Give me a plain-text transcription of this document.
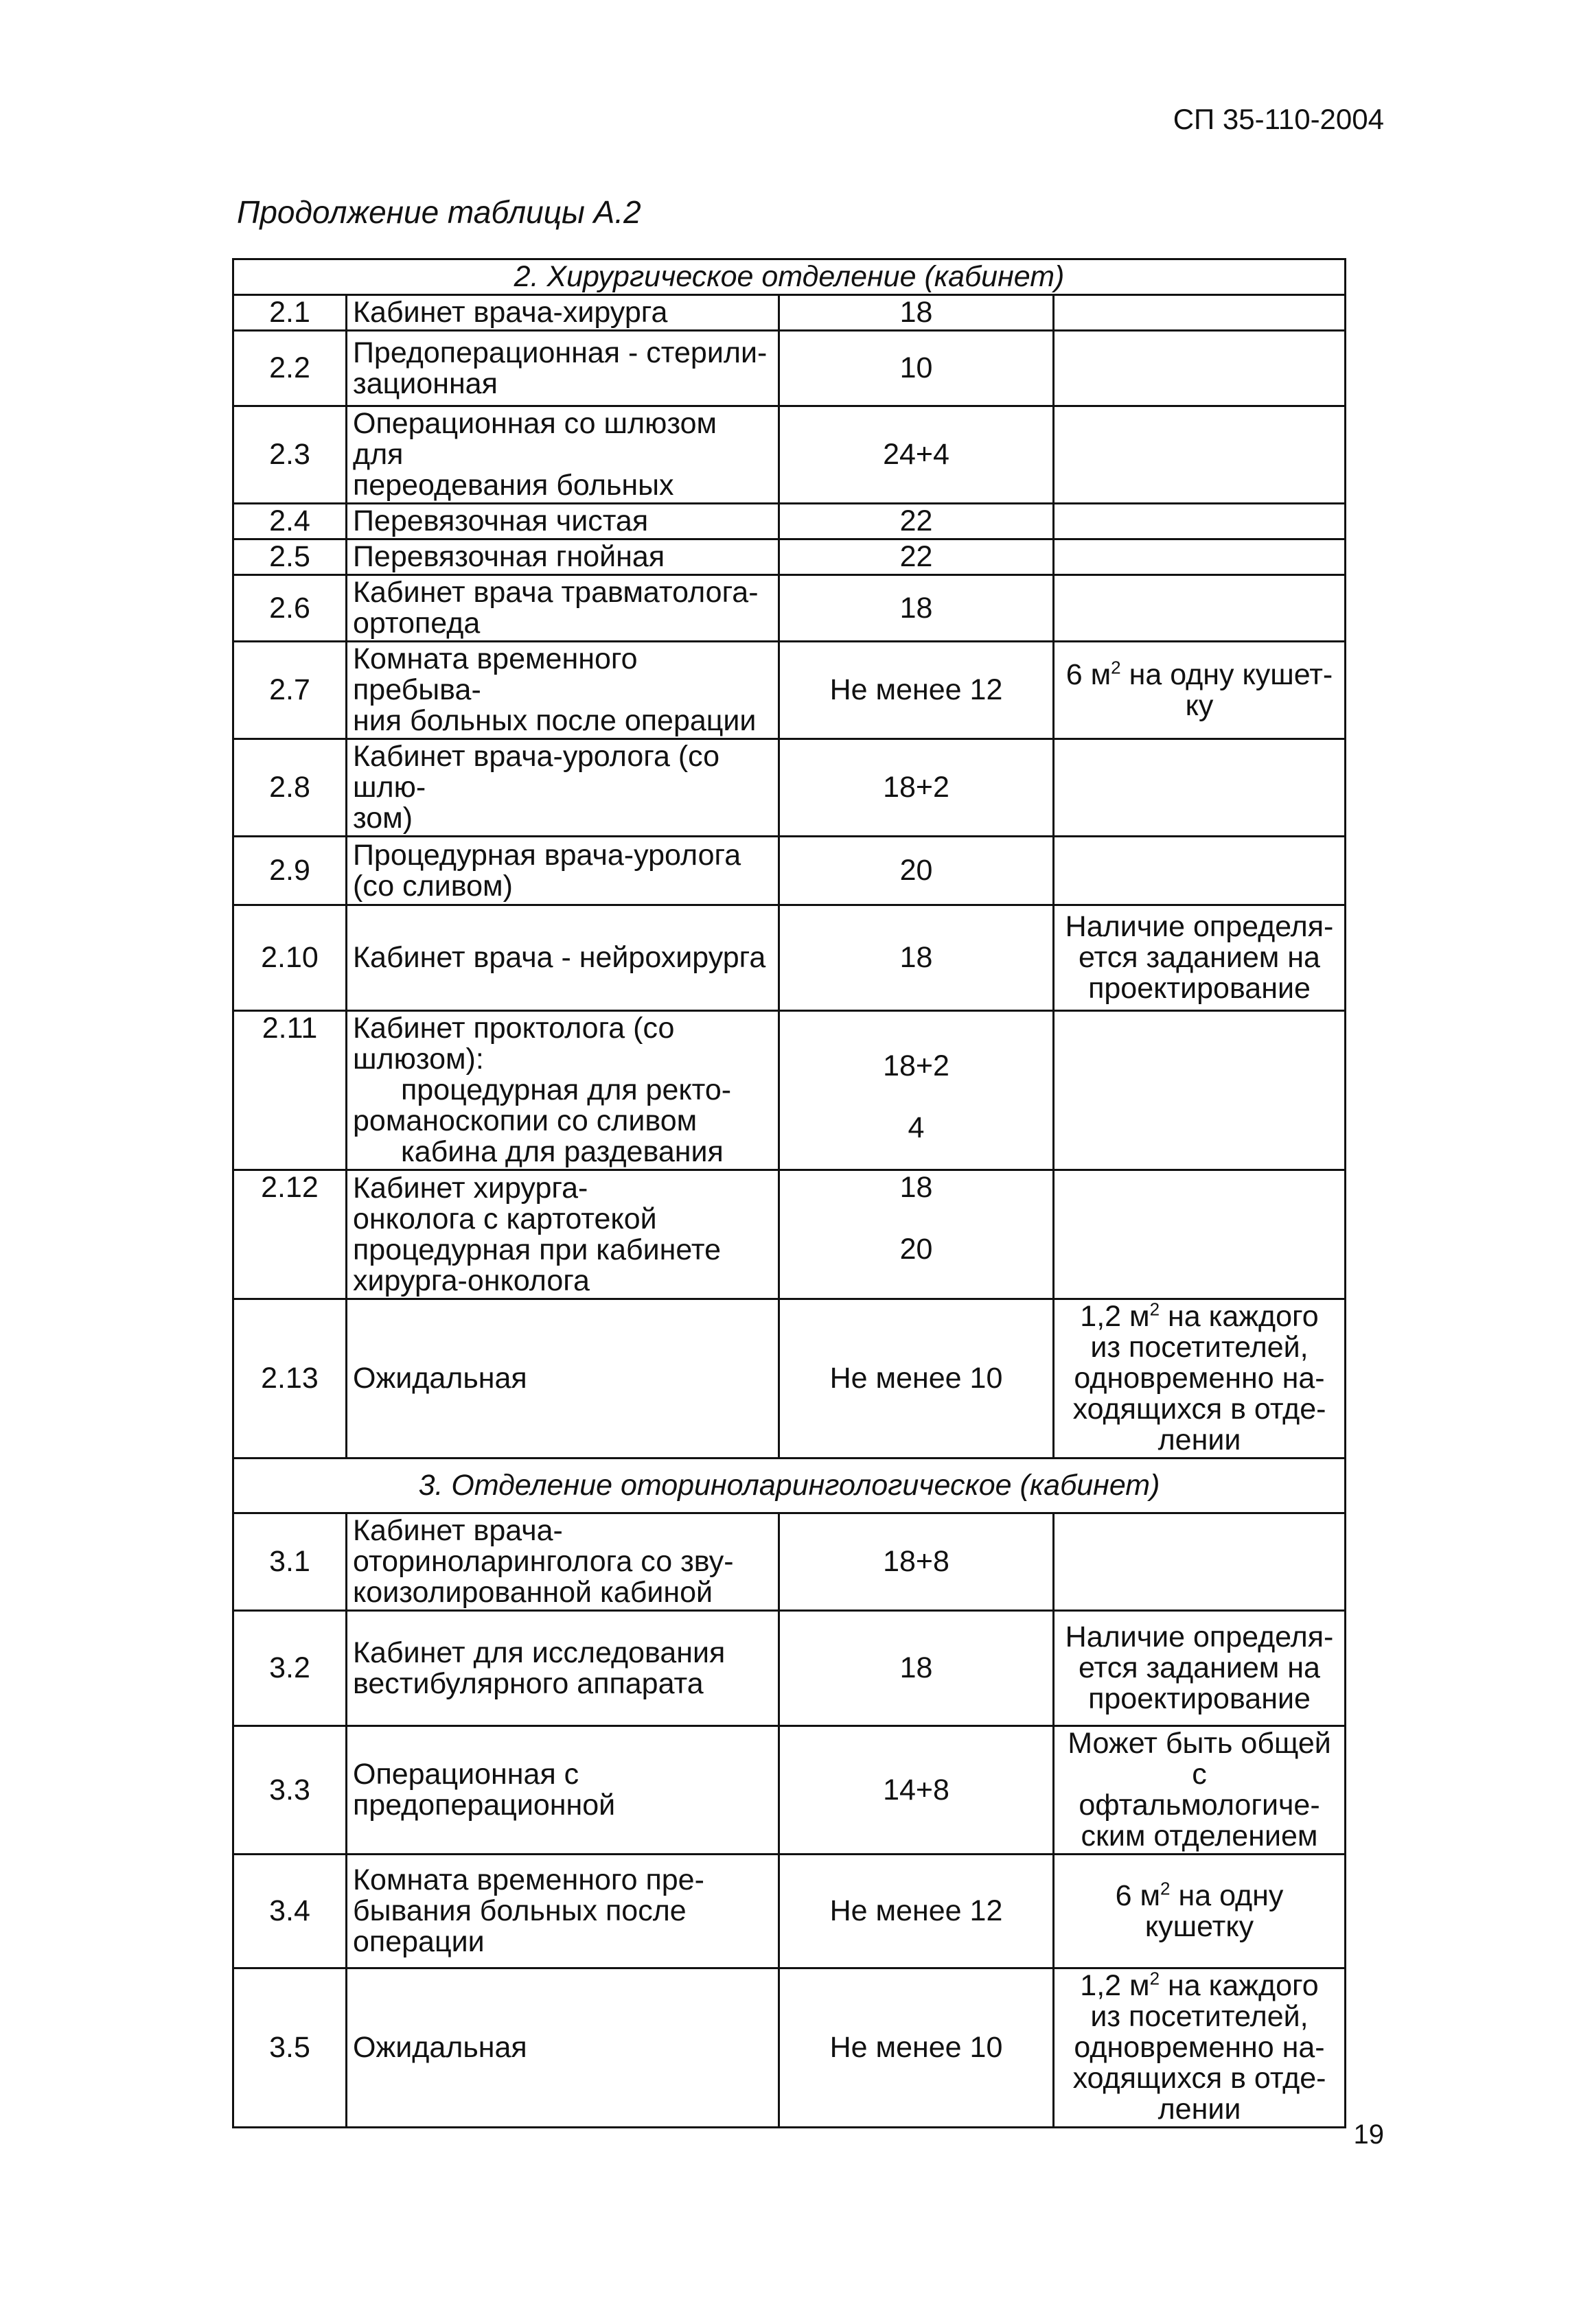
СП 35-110-2004
Продолжение таблицы А.2
2. Хирургическое отделение (кабинет)			
2.1	Кабинет врача-хирурга	18	

2.2	Предоперационная - стерили-
зационная	10	

2.3	Операционная со шлюзом для
переодевания больных	24+4	

2.4	Перевязочная чистая	22	

2.5	Перевязочная гнойная	22	

2.6	Кабинет врача травматолога-
ортопеда	18	

2.7	Комната временного пребыва-
ния больных после операции	Не менее 12	6 $м^2$ на одну кушет-
ку

2.8	Кабинет врача-уролога (со шлю-
зом)	18+2	

2.9	Процедурная врача-уролога
(со сливом)	20	

2.10	Кабинет врача - нейрохирурга	18	Наличие определя-
ется заданием на
проектирование

2.11	Кабинет проктолога (со шлюзом):
процедурная для ректо-
романоскопии со сливом
кабина для раздевания	18+2
4	

2.12	Кабинет хирурга-
онколога с картотекой
процедурная при кабинете
хирурга-онколога	18
20	

2.13	Ожидальная	Не менее 10	1,2 $м^2$ на каждого
из посетителей,
одновременно на-
ходящихся в отде-
лении

3. Отделение оториноларингологическое (кабинет)			
3.1	Кабинет врача-
оториноларинголога со зву-
коизолированной кабиной	18+8	

3.2	Кабинет для исследования
вестибулярного аппарата	18	Наличие определя-
ется заданием на
проектирование

3.3	Операционная с
предоперационной	14+8	Может быть общей с
офтальмологиче-
ским отделением

3.4	Комната временного пре-
бывания больных после
операции	Не менее 12	6 $м^2$ на одну
кушетку

3.5	Ожидальная	Не менее 10	1,2 $м^2$ на каждого
из посетителей,
одновременно на-
ходящихся в отде-
лении
19
